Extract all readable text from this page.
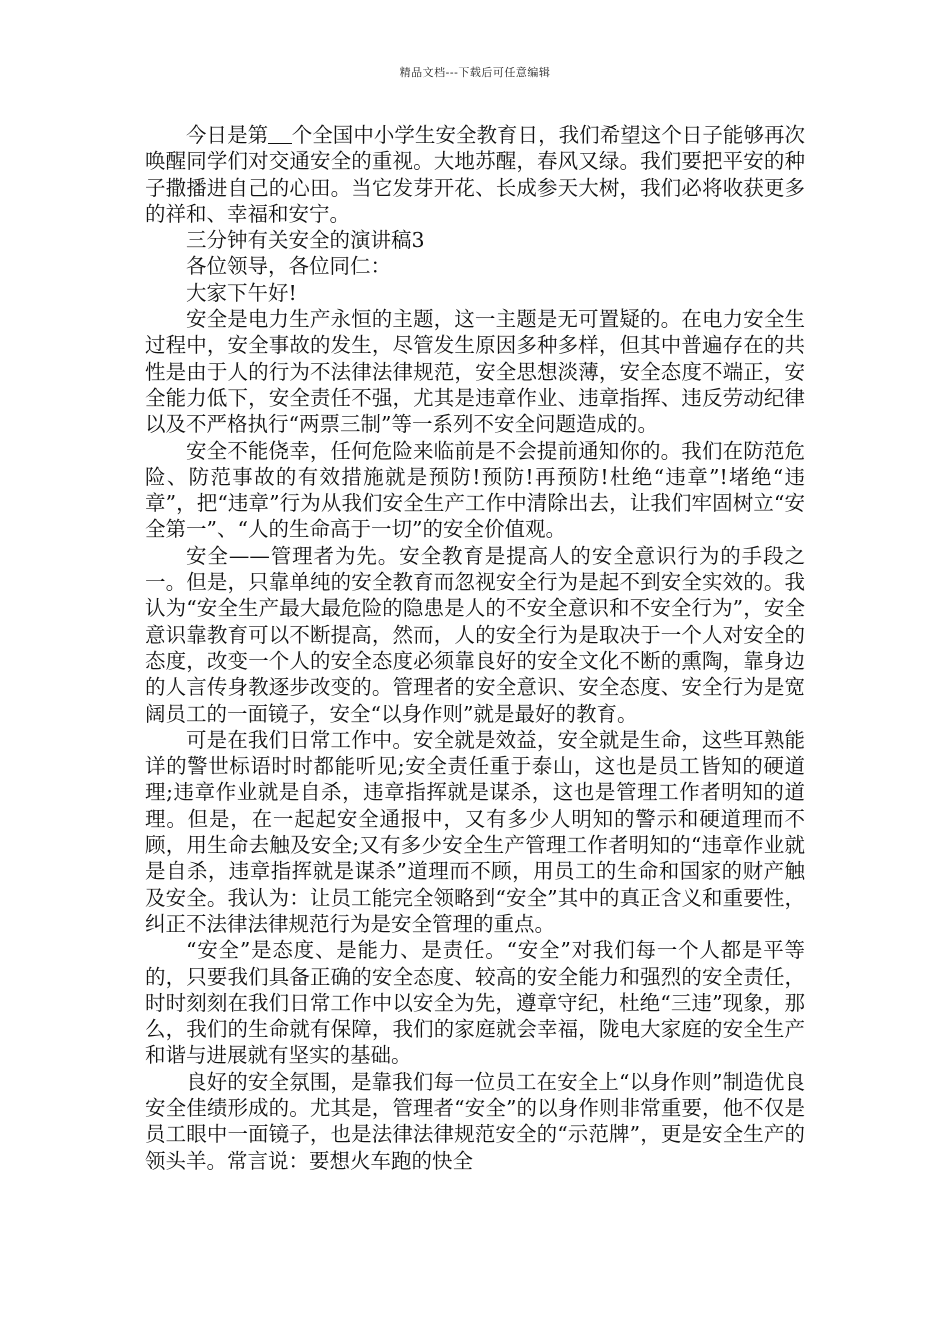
精品文档---下载后可任意编辑

今日是第 个全国中小学生安全教育日，我们希望这个日子能够再次唤醒同学们对交通安全的重视。大地苏醒，春风又绿。我们要把平安的种子撒播进自己的心田。当它发芽开花、长成参天大树，我们必将收获更多的祥和、幸福和安宁。

三分钟有关安全的演讲稿3

各位领导，各位同仁：

大家下午好!

安全是电力生产永恒的主题，这一主题是无可置疑的。在电力安全生过程中，安全事故的发生，尽管发生原因多种多样，但其中普遍存在的共性是由于人的行为不法律法律规范，安全思想淡薄，安全态度不端正，安全能力低下，安全责任不强，尤其是违章作业、违章指挥、违反劳动纪律以及不严格执行“两票三制”等一系列不安全问题造成的。

安全不能侥幸，任何危险来临前是不会提前通知你的。我们在防范危险、防范事故的有效措施就是预防!预防!再预防!杜绝“违章”!堵绝“违章”，把“违章”行为从我们安全生产工作中清除出去，让我们牢固树立“安全第一”、“人的生命高于一切”的安全价值观。

安全——管理者为先。安全教育是提高人的安全意识行为的手段之一。但是，只靠单纯的安全教育而忽视安全行为是起不到安全实效的。我认为“安全生产最大最危险的隐患是人的不安全意识和不安全行为”，安全意识靠教育可以不断提高，然而，人的安全行为是取决于一个人对安全的态度，改变一个人的安全态度必须靠良好的安全文化不断的熏陶，靠身边的人言传身教逐步改变的。管理者的安全意识、安全态度、安全行为是宽阔员工的一面镜子，安全“以身作则”就是最好的教育。

可是在我们日常工作中。安全就是效益，安全就是生命，这些耳熟能详的警世标语时时都能听见;安全责任重于泰山，这也是员工皆知的硬道理;违章作业就是自杀，违章指挥就是谋杀，这也是管理工作者明知的道理。但是，在一起起安全通报中，又有多少人明知的警示和硬道理而不顾，用生命去触及安全;又有多少安全生产管理工作者明知的“违章作业就是自杀，违章指挥就是谋杀”道理而不顾，用员工的生命和国家的财产触及安全。我认为：让员工能完全领略到“安全”其中的真正含义和重要性，纠正不法律法律规范行为是安全管理的重点。

“安全”是态度、是能力、是责任。“安全”对我们每一个人都是平等的，只要我们具备正确的安全态度、较高的安全能力和强烈的安全责任，时时刻刻在我们日常工作中以安全为先，遵章守纪，杜绝“三违”现象，那么，我们的生命就有保障，我们的家庭就会幸福，陇电大家庭的安全生产和谐与进展就有坚实的基础。

良好的安全氛围，是靠我们每一位员工在安全上“以身作则”制造优良安全佳绩形成的。尤其是，管理者“安全”的以身作则非常重要，他不仅是员工眼中一面镜子，也是法律法律规范安全的“示范牌”，更是安全生产的领头羊。常言说：要想火车跑的快全
